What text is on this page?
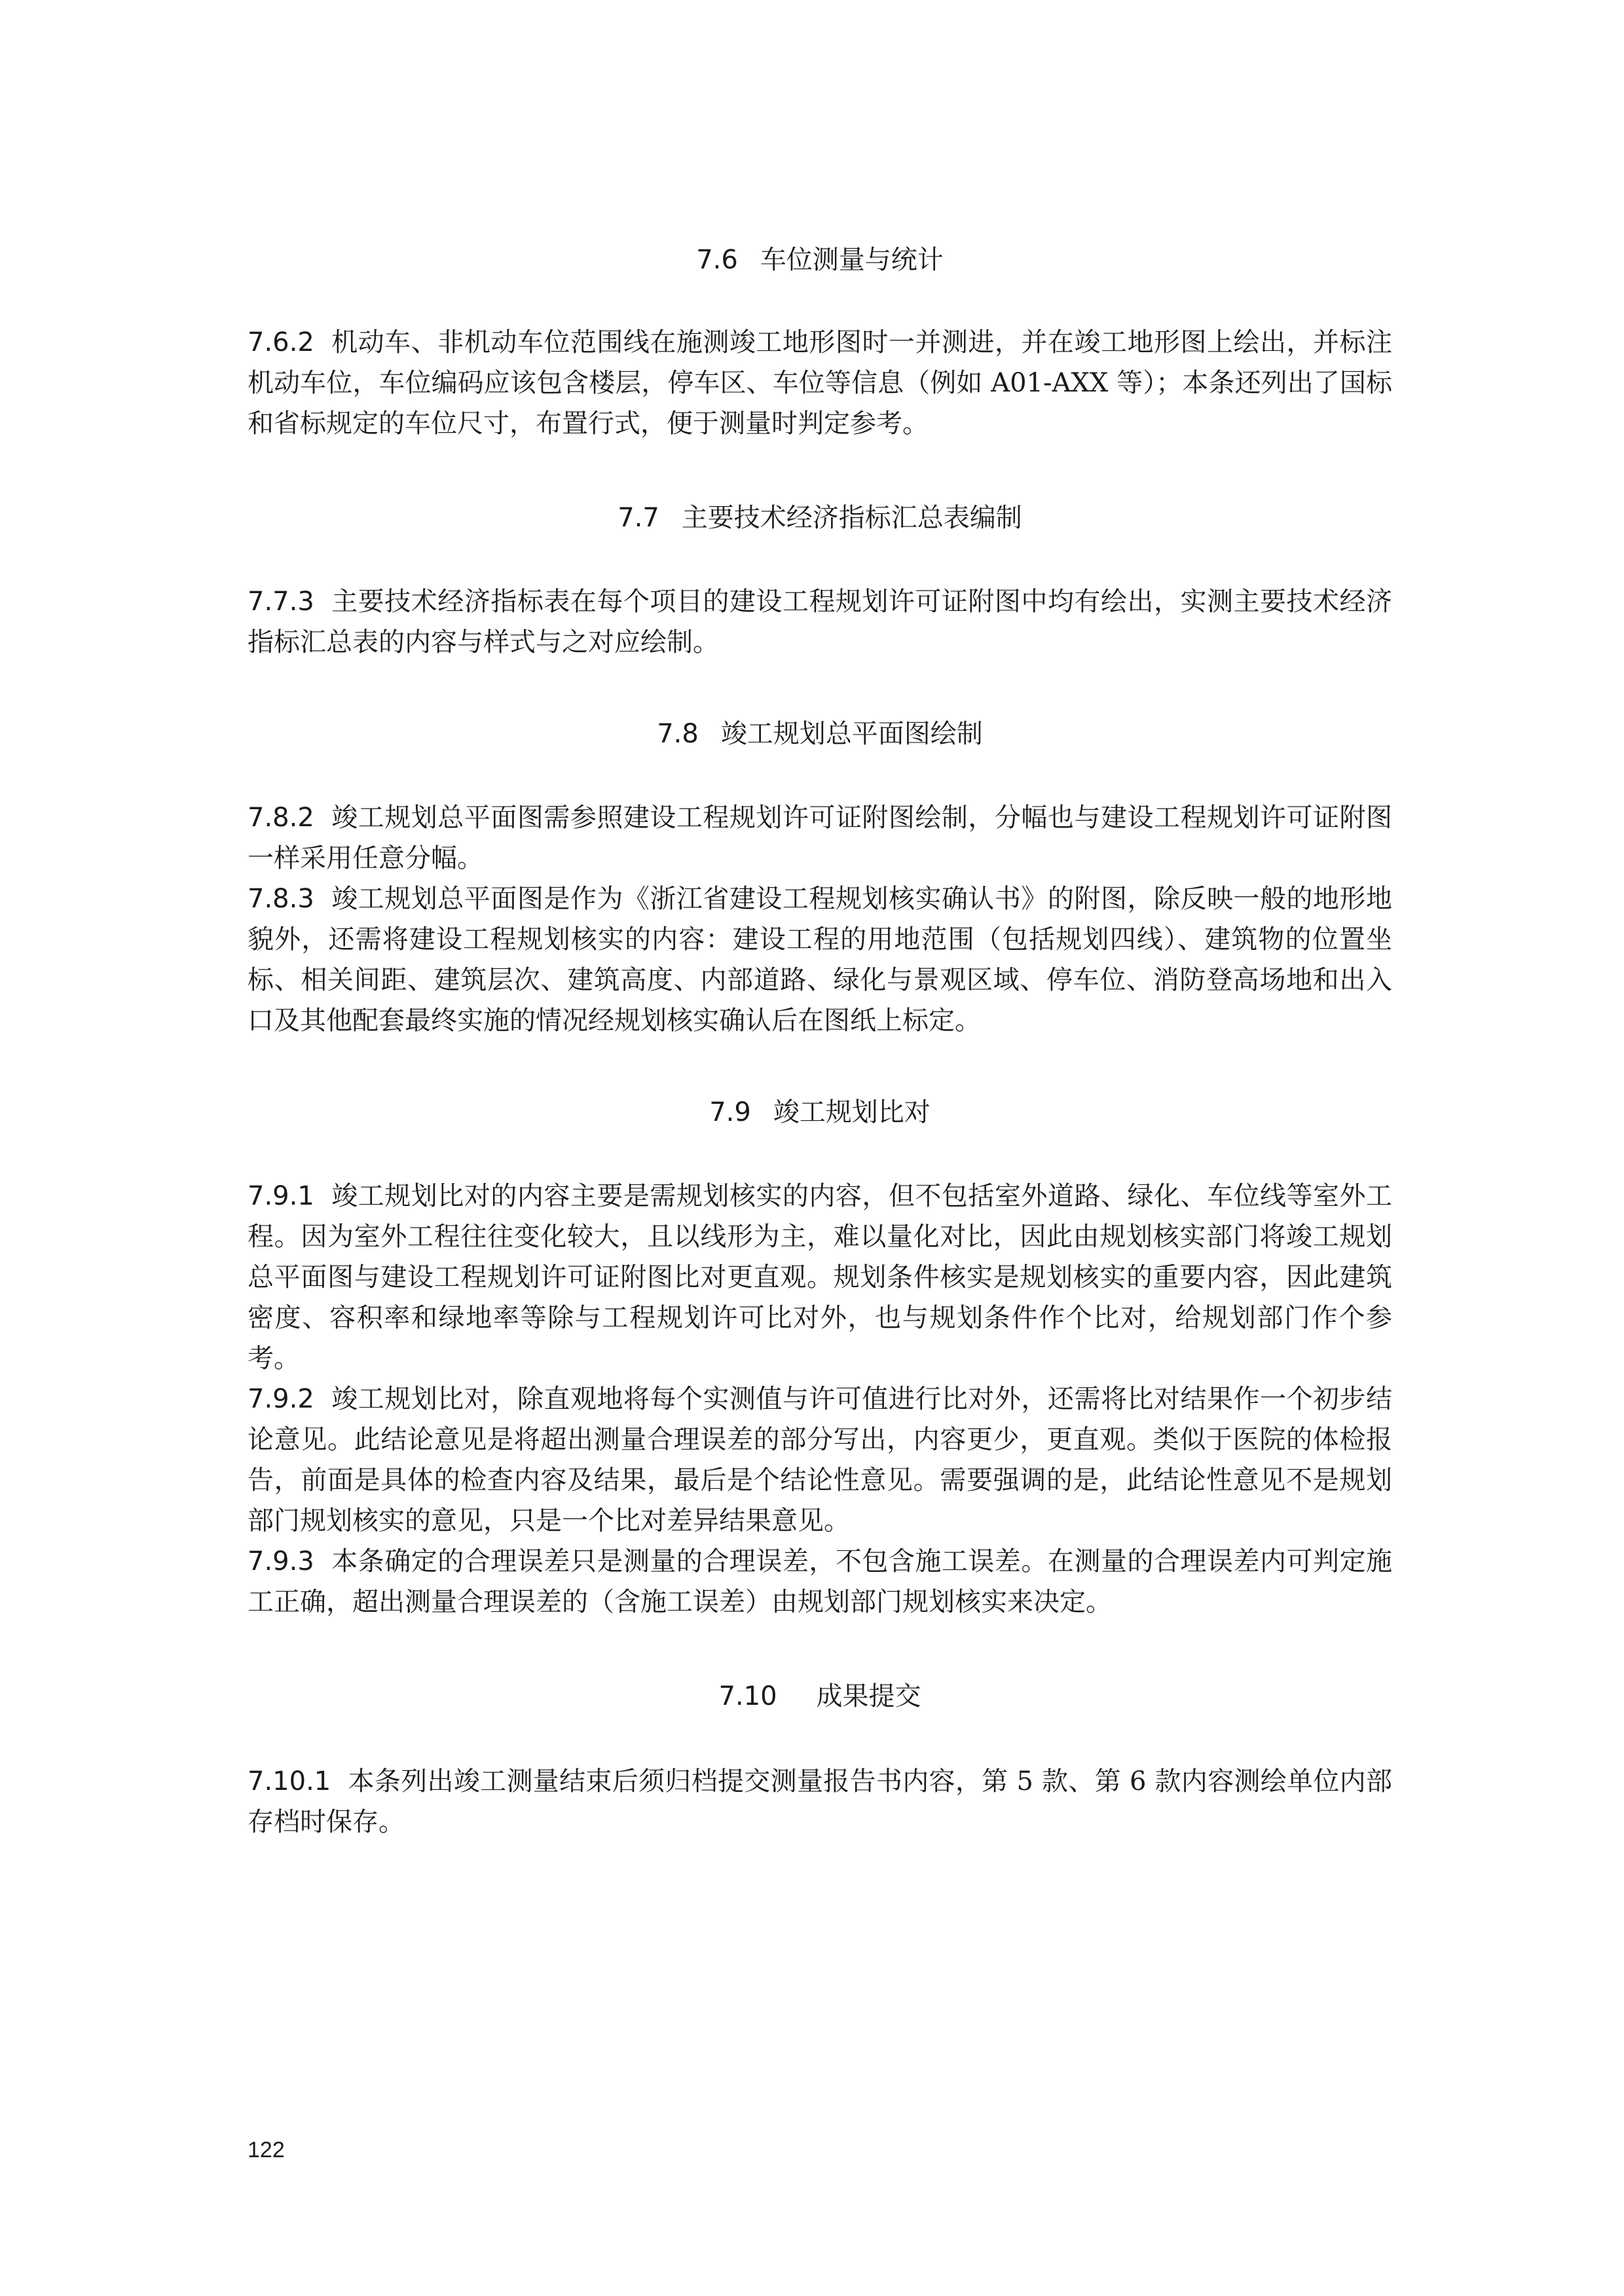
7.6 车位测量与统计
7.6.2 机动车、非机动车位范围线在施测竣工地形图时一并测进，并在竣工地形图上绘出，并标注机动车位，车位编码应该包含楼层，停车区、车位等信息（例如 A01-AXX 等）；本条还列出了国标和省标规定的车位尺寸，布置行式，便于测量时判定参考。
7.7 主要技术经济指标汇总表编制
7.7.3 主要技术经济指标表在每个项目的建设工程规划许可证附图中均有绘出，实测主要技术经济指标汇总表的内容与样式与之对应绘制。
7.8 竣工规划总平面图绘制
7.8.2 竣工规划总平面图需参照建设工程规划许可证附图绘制，分幅也与建设工程规划许可证附图一样采用任意分幅。
7.8.3 竣工规划总平面图是作为《浙江省建设工程规划核实确认书》的附图，除反映一般的地形地貌外，还需将建设工程规划核实的内容：建设工程的用地范围（包括规划四线）、建筑物的位置坐标、相关间距、建筑层次、建筑高度、内部道路、绿化与景观区域、停车位、消防登高场地和出入口及其他配套最终实施的情况经规划核实确认后在图纸上标定。
7.9 竣工规划比对
7.9.1 竣工规划比对的内容主要是需规划核实的内容，但不包括室外道路、绿化、车位线等室外工程。因为室外工程往往变化较大，且以线形为主，难以量化对比，因此由规划核实部门将竣工规划总平面图与建设工程规划许可证附图比对更直观。规划条件核实是规划核实的重要内容，因此建筑密度、容积率和绿地率等除与工程规划许可比对外，也与规划条件作个比对，给规划部门作个参考。
7.9.2 竣工规划比对，除直观地将每个实测值与许可值进行比对外，还需将比对结果作一个初步结论意见。此结论意见是将超出测量合理误差的部分写出，内容更少，更直观。类似于医院的体检报告，前面是具体的检查内容及结果，最后是个结论性意见。需要强调的是，此结论性意见不是规划部门规划核实的意见，只是一个比对差异结果意见。
7.9.3 本条确定的合理误差只是测量的合理误差，不包含施工误差。在测量的合理误差内可判定施工正确，超出测量合理误差的（含施工误差）由规划部门规划核实来决定。
7.10 成果提交
7.10.1 本条列出竣工测量结束后须归档提交测量报告书内容，第 5 款、第 6 款内容测绘单位内部存档时保存。
122
